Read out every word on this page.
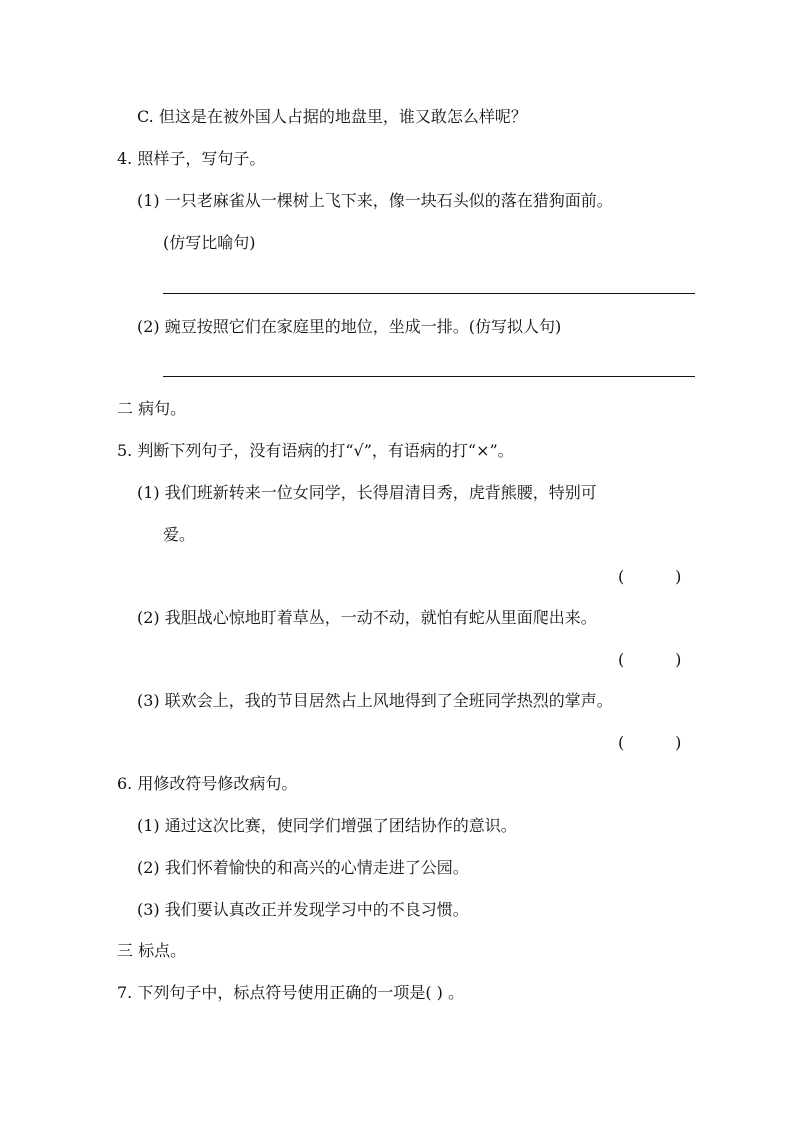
C. 但这是在被外国人占据的地盘里，谁又敢怎么样呢？
4. 照样子，写句子。
(1) 一只老麻雀从一棵树上飞下来，像一块石头似的落在猎狗面前。
(仿写比喻句)
(2) 豌豆按照它们在家庭里的地位，坐成一排。(仿写拟人句)
二 病句。
5. 判断下列句子，没有语病的打“√”，有语病的打“×”。
(1) 我们班新转来一位女同学，长得眉清目秀，虎背熊腰，特别可
爱。
(          )
(2) 我胆战心惊地盯着草丛，一动不动，就怕有蛇从里面爬出来。
(          )
(3) 联欢会上，我的节目居然占上风地得到了全班同学热烈的掌声。
(          )
6. 用修改符号修改病句。
(1) 通过这次比赛，使同学们增强了团结协作的意识。
(2) 我们怀着愉快的和高兴的心情走进了公园。
(3) 我们要认真改正并发现学习中的不良习惯。
三 标点。
7. 下列句子中，标点符号使用正确的一项是( ) 。
